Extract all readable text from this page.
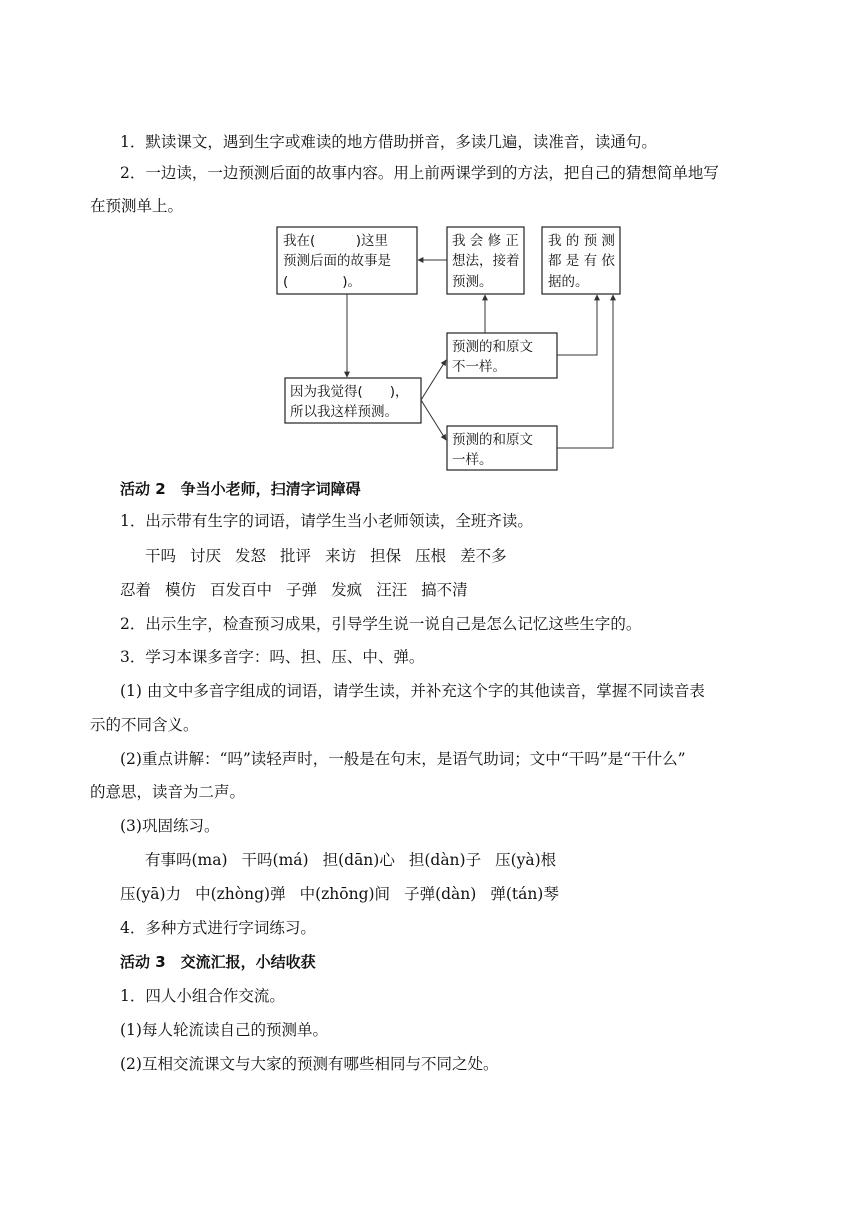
1．默读课文，遇到生字或难读的地方借助拼音，多读几遍，读准音，读通句。
2．一边读，一边预测后面的故事内容。用上前两课学到的方法，把自己的猜想简单地写
在预测单上。
我在(　　　)这里
预测后面的故事是
(　　　　)。
我 会 修 正
想法，接着
预测。
我 的 预 测
都 是 有 依
据的。
预测的和原文
不一样。
因为我觉得(　　)，
所以我这样预测。
预测的和原文
一样。
活动 2　争当小老师，扫清字词障碍
1．出示带有生字的词语，请学生当小老师领读，全班齐读。
干吗 讨厌 发怒 批评 来访 担保 压根 差不多
忍着 模仿 百发百中 子弹 发疯 汪汪 搞不清
2．出示生字，检查预习成果，引导学生说一说自己是怎么记忆这些生字的。
3．学习本课多音字：吗、担、压、中、弹。
(1) 由文中多音字组成的词语，请学生读，并补充这个字的其他读音，掌握不同读音表
示的不同含义。
(2)重点讲解：“吗”读轻声时，一般是在句末，是语气助词；文中“干吗”是“干什么”
的意思，读音为二声。
(3)巩固练习。
有事吗(ma) 干吗(má) 担(dān)心 担(dàn)子 压(yà)根
压(yā)力 中(zhòng)弹 中(zhōng)间 子弹(dàn) 弹(tán)琴
4．多种方式进行字词练习。
活动 3　交流汇报，小结收获
1．四人小组合作交流。
(1)每人轮流读自己的预测单。
(2)互相交流课文与大家的预测有哪些相同与不同之处。
